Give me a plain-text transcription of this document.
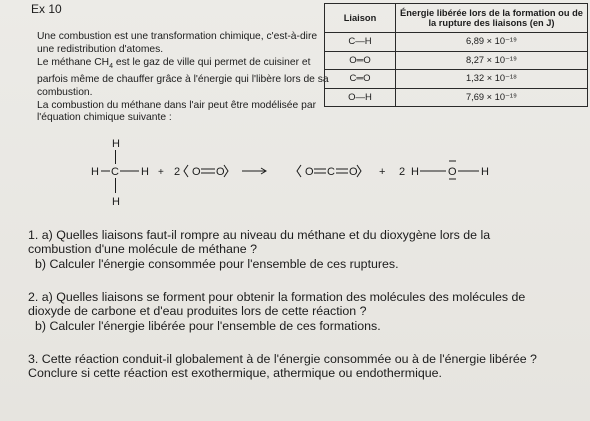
Ex 10

Une combustion est une transformation chimique, c'est-à-dire une redistribution d'atomes.

Le méthane $CH_4$ est le gaz de ville qui permet de cuisiner et parfois même de chauffer grâce à l'énergie qui l'libère lors de sa combustion.

La combustion du méthane dans l'air peut être modélisée par l'équation chimique suivante :

Liaison	Énergie libérée lors de la formation ou de la rupture des liaisons (en J)
C—H	6,89 × 10⁻¹⁹
O═O	8,27 × 10⁻¹⁹
C═O	1,32 × 10⁻¹⁸
O—H	7,69 × 10⁻¹⁹
H
H C H
H
+ 2 O O	O C O + 2 H	O H
1. a) Quelles liaisons faut-il rompre au niveau du méthane et du dioxygène lors de la
combustion d'une molécule de méthane ?
b) Calculer l'énergie consommée pour l'ensemble de ces ruptures.
2. a) Quelles liaisons se forment pour obtenir la formation des molécules des molécules de
dioxyde de carbone et d'eau produites lors de cette réaction ?
b) Calculer l'énergie libérée pour l'ensemble de ces formations.
3. Cette réaction conduit-il globalement à de l'énergie consommée ou à de l'énergie libérée ?
Conclure si cette réaction est exothermique, athermique ou endothermique.
